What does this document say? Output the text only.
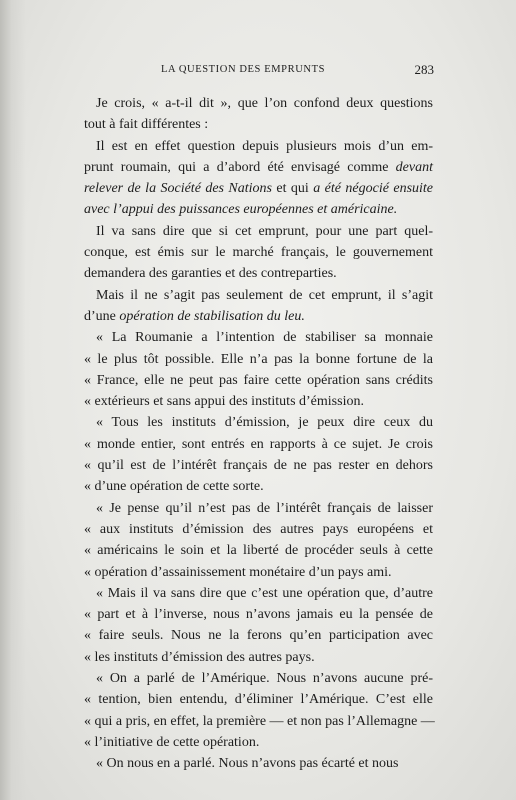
LA QUESTION DES EMPRUNTS	283
Je crois, « a-t-il dit », que l’on confond deux questions
tout à fait différentes :
Il est en effet question depuis plusieurs mois d’un em-
prunt roumain, qui a d’abord été envisagé comme devant
relever de la Société des Nations et qui a été négocié ensuite
avec l’appui des puissances européennes et américaine.
Il va sans dire que si cet emprunt, pour une part quel-
conque, est émis sur le marché français, le gouvernement
demandera des garanties et des contreparties.
Mais il ne s’agit pas seulement de cet emprunt, il s’agit
d’une opération de stabilisation du leu.
« La Roumanie a l’intention de stabiliser sa monnaie
« le plus tôt possible. Elle n’a pas la bonne fortune de la
« France, elle ne peut pas faire cette opération sans crédits
« extérieurs et sans appui des instituts d’émission.
« Tous les instituts d’émission, je peux dire ceux du
« monde entier, sont entrés en rapports à ce sujet. Je crois
« qu’il est de l’intérêt français de ne pas rester en dehors
« d’une opération de cette sorte.
« Je pense qu’il n’est pas de l’intérêt français de laisser
« aux instituts d’émission des autres pays européens et
« américains le soin et la liberté de procéder seuls à cette
« opération d’assainissement monétaire d’un pays ami.
« Mais il va sans dire que c’est une opération que, d’autre
« part et à l’inverse, nous n’avons jamais eu la pensée de
« faire seuls. Nous ne la ferons qu’en participation avec
« les instituts d’émission des autres pays.
« On a parlé de l’Amérique. Nous n’avons aucune pré-
« tention, bien entendu, d’éliminer l’Amérique. C’est elle
« qui a pris, en effet, la première — et non pas l’Allemagne —
« l’initiative de cette opération.
« On nous en a parlé. Nous n’avons pas écarté et nous
